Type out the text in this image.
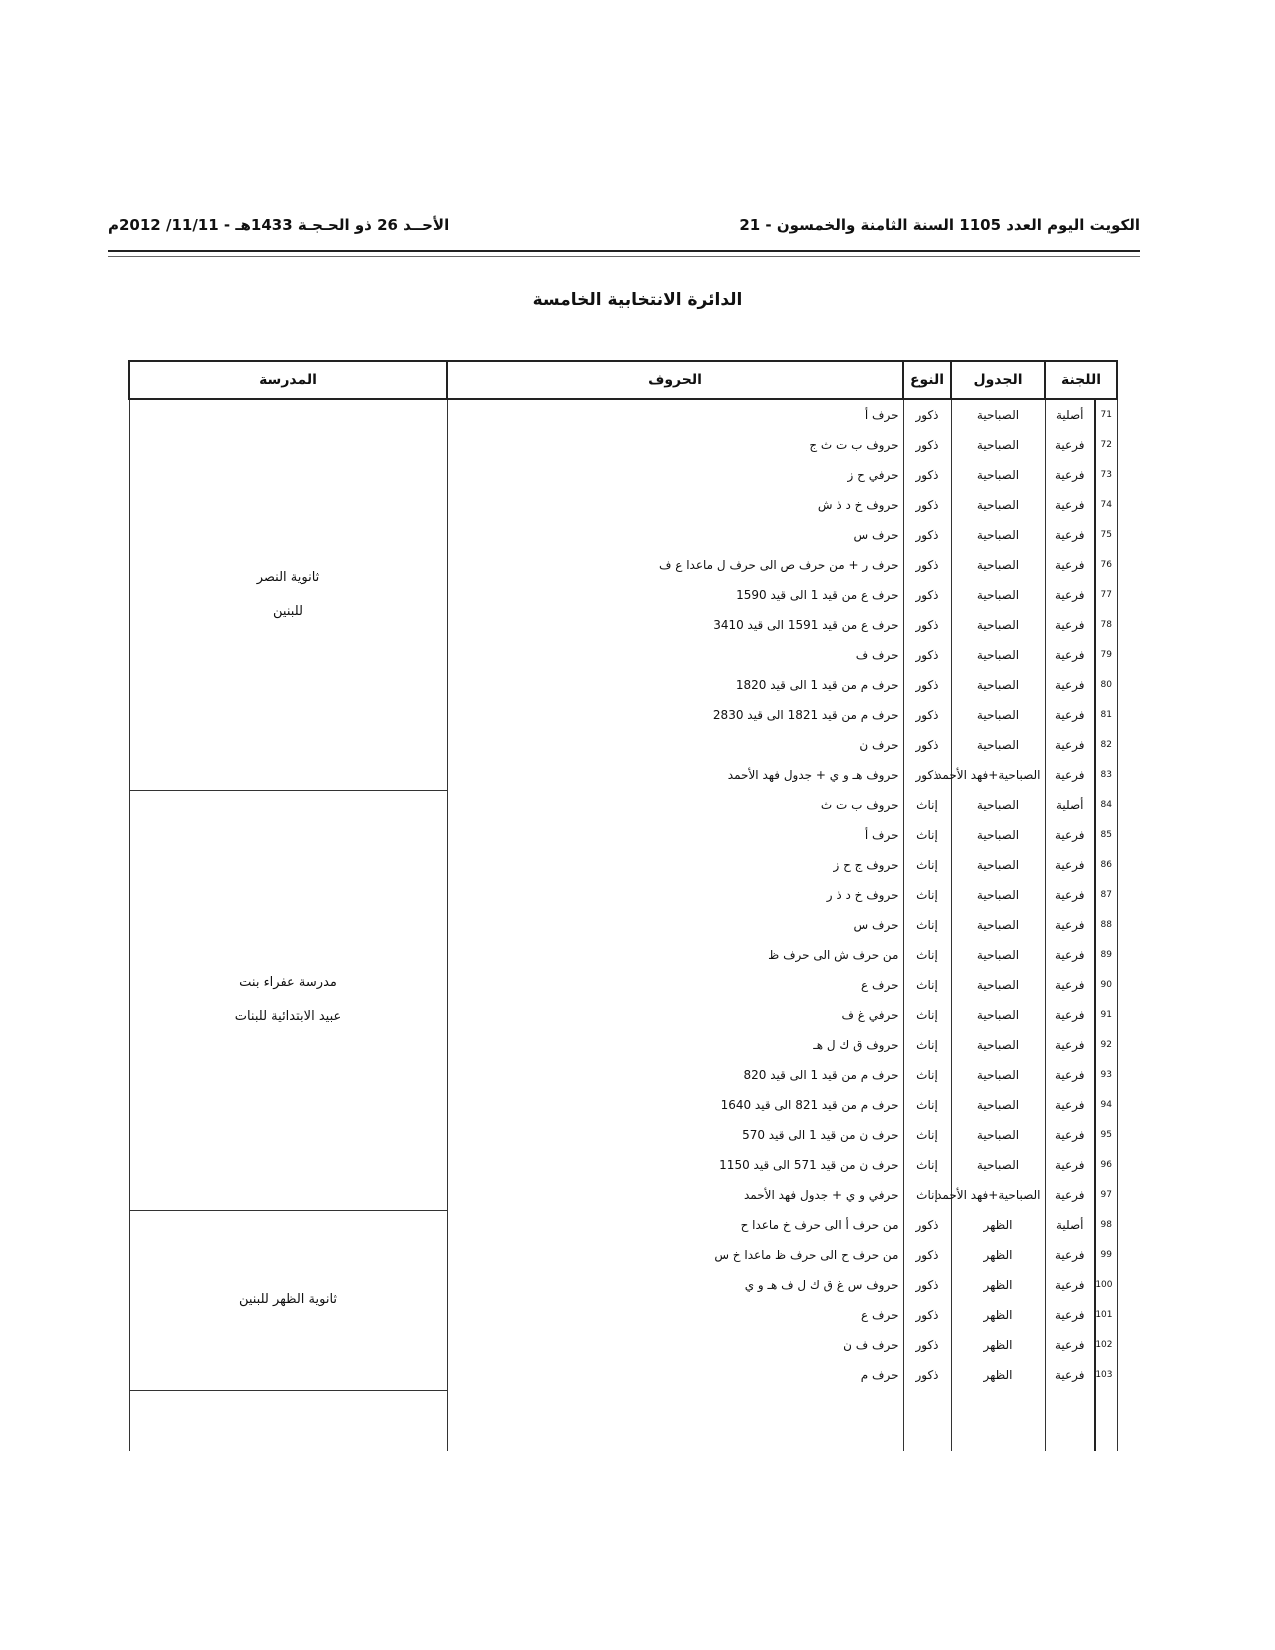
الكويت اليوم العدد 1105 السنة الثامنة والخمسون - 21
الأحــد 26 ذو الحـجـة 1433هـ - 11/11/ 2012م
الدائرة الانتخابية الخامسة
اللجنة		الجدول	النوع	الحروف	المدرسة
71	أصلية	الصباحية	ذكور	حرف أ	ثانوية النصر
للبنين

72	فرعية	الصباحية	ذكور	حروف ب ت ث ج	
73	فرعية	الصباحية	ذكور	حرفي ح ز	
74	فرعية	الصباحية	ذكور	حروف خ د ذ ش	
75	فرعية	الصباحية	ذكور	حرف س	
76	فرعية	الصباحية	ذكور	حرف ر + من حرف ص الى حرف ل ماعدا ع ف	
77	فرعية	الصباحية	ذكور	حرف ع من قيد 1 الى قيد 1590	
78	فرعية	الصباحية	ذكور	حرف ع من قيد 1591 الى قيد 3410	
79	فرعية	الصباحية	ذكور	حرف ف	
80	فرعية	الصباحية	ذكور	حرف م من قيد 1 الى قيد 1820	
81	فرعية	الصباحية	ذكور	حرف م من قيد 1821 الى قيد 2830	
82	فرعية	الصباحية	ذكور	حرف ن	
83	فرعية	الصباحية+فهد الأحمد	ذكور	حروف هـ و ي + جدول فهد الأحمد	
84	أصلية	الصباحية	إناث	حروف ب ت ث	مدرسة عفراء بنت
عبيد الابتدائية للبنات

85	فرعية	الصباحية	إناث	حرف أ	
86	فرعية	الصباحية	إناث	حروف ج ح ز	
87	فرعية	الصباحية	إناث	حروف خ د ذ ر	
88	فرعية	الصباحية	إناث	حرف س	
89	فرعية	الصباحية	إناث	من حرف ش الى حرف ظ	
90	فرعية	الصباحية	إناث	حرف ع	
91	فرعية	الصباحية	إناث	حرفي غ ف	
92	فرعية	الصباحية	إناث	حروف ق ك ل هـ	
93	فرعية	الصباحية	إناث	حرف م من قيد 1 الى قيد 820	
94	فرعية	الصباحية	إناث	حرف م من قيد 821 الى قيد 1640	
95	فرعية	الصباحية	إناث	حرف ن من قيد 1 الى قيد 570	
96	فرعية	الصباحية	إناث	حرف ن من قيد 571 الى قيد 1150	
97	فرعية	الصباحية+فهد الأحمد	إناث	حرفي و ي + جدول فهد الأحمد	
98	أصلية	الظهر	ذكور	من حرف أ الى حرف خ ماعدا ح	ثانوية الظهر للبنين

99	فرعية	الظهر	ذكور	من حرف ح الى حرف ظ ماعدا خ س	
100	فرعية	الظهر	ذكور	حروف س غ ق ك ل ف هـ و ي	
101	فرعية	الظهر	ذكور	حرف ع	
102	فرعية	الظهر	ذكور	حرف ف ن	
103	فرعية	الظهر	ذكور	حرف م	
